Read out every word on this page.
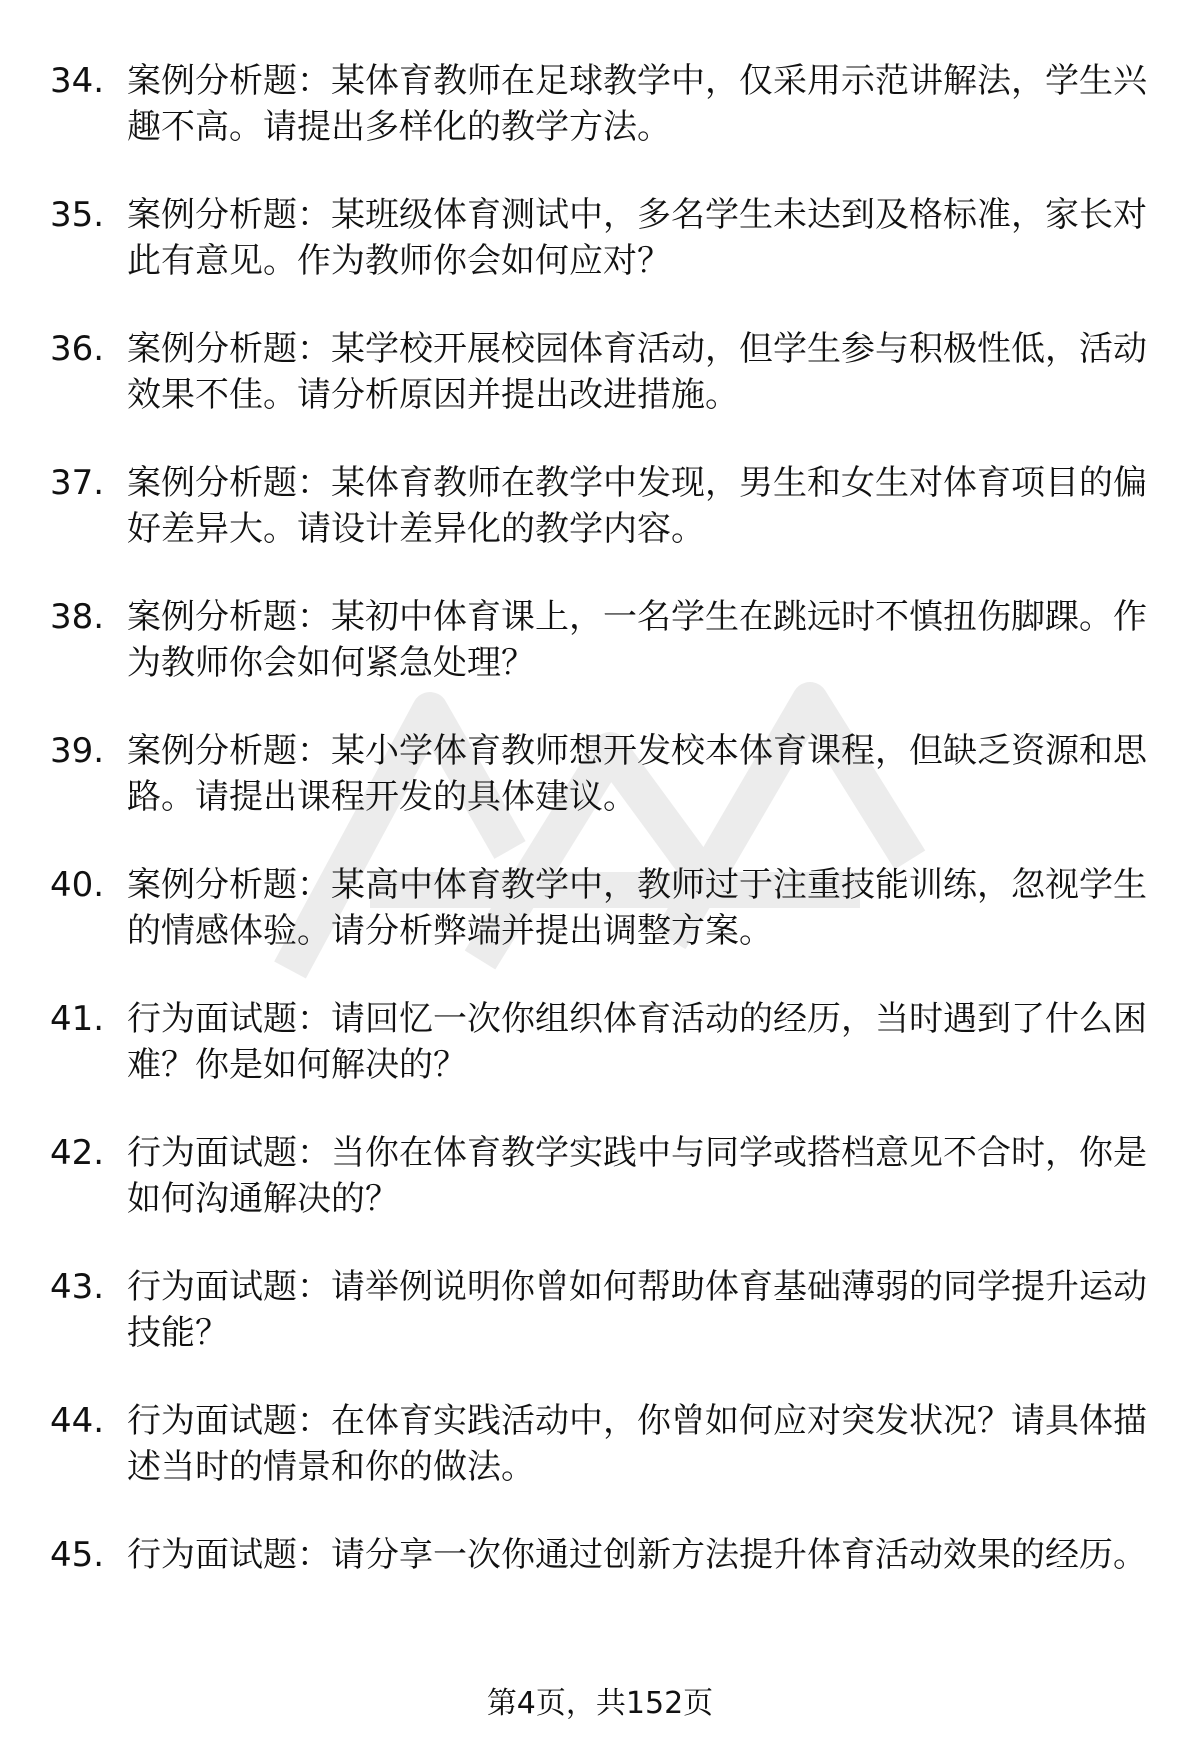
34. 案例分析题：某体育教师在足球教学中，仅采用示范讲解法，学生兴趣不高。请提出多样化的教学方法。
35. 案例分析题：某班级体育测试中，多名学生未达到及格标准，家长对此有意见。作为教师你会如何应对？
36. 案例分析题：某学校开展校园体育活动，但学生参与积极性低，活动效果不佳。请分析原因并提出改进措施。
37. 案例分析题：某体育教师在教学中发现，男生和女生对体育项目的偏好差异大。请设计差异化的教学内容。
38. 案例分析题：某初中体育课上，一名学生在跳远时不慎扭伤脚踝。作为教师你会如何紧急处理？
39. 案例分析题：某小学体育教师想开发校本体育课程，但缺乏资源和思路。请提出课程开发的具体建议。
40. 案例分析题：某高中体育教学中，教师过于注重技能训练，忽视学生的情感体验。请分析弊端并提出调整方案。
41. 行为面试题：请回忆一次你组织体育活动的经历，当时遇到了什么困难？你是如何解决的？
42. 行为面试题：当你在体育教学实践中与同学或搭档意见不合时，你是如何沟通解决的？
43. 行为面试题：请举例说明你曾如何帮助体育基础薄弱的同学提升运动技能？
44. 行为面试题：在体育实践活动中，你曾如何应对突发状况？请具体描述当时的情景和你的做法。
45. 行为面试题：请分享一次你通过创新方法提升体育活动效果的经历。
第4页，共152页
